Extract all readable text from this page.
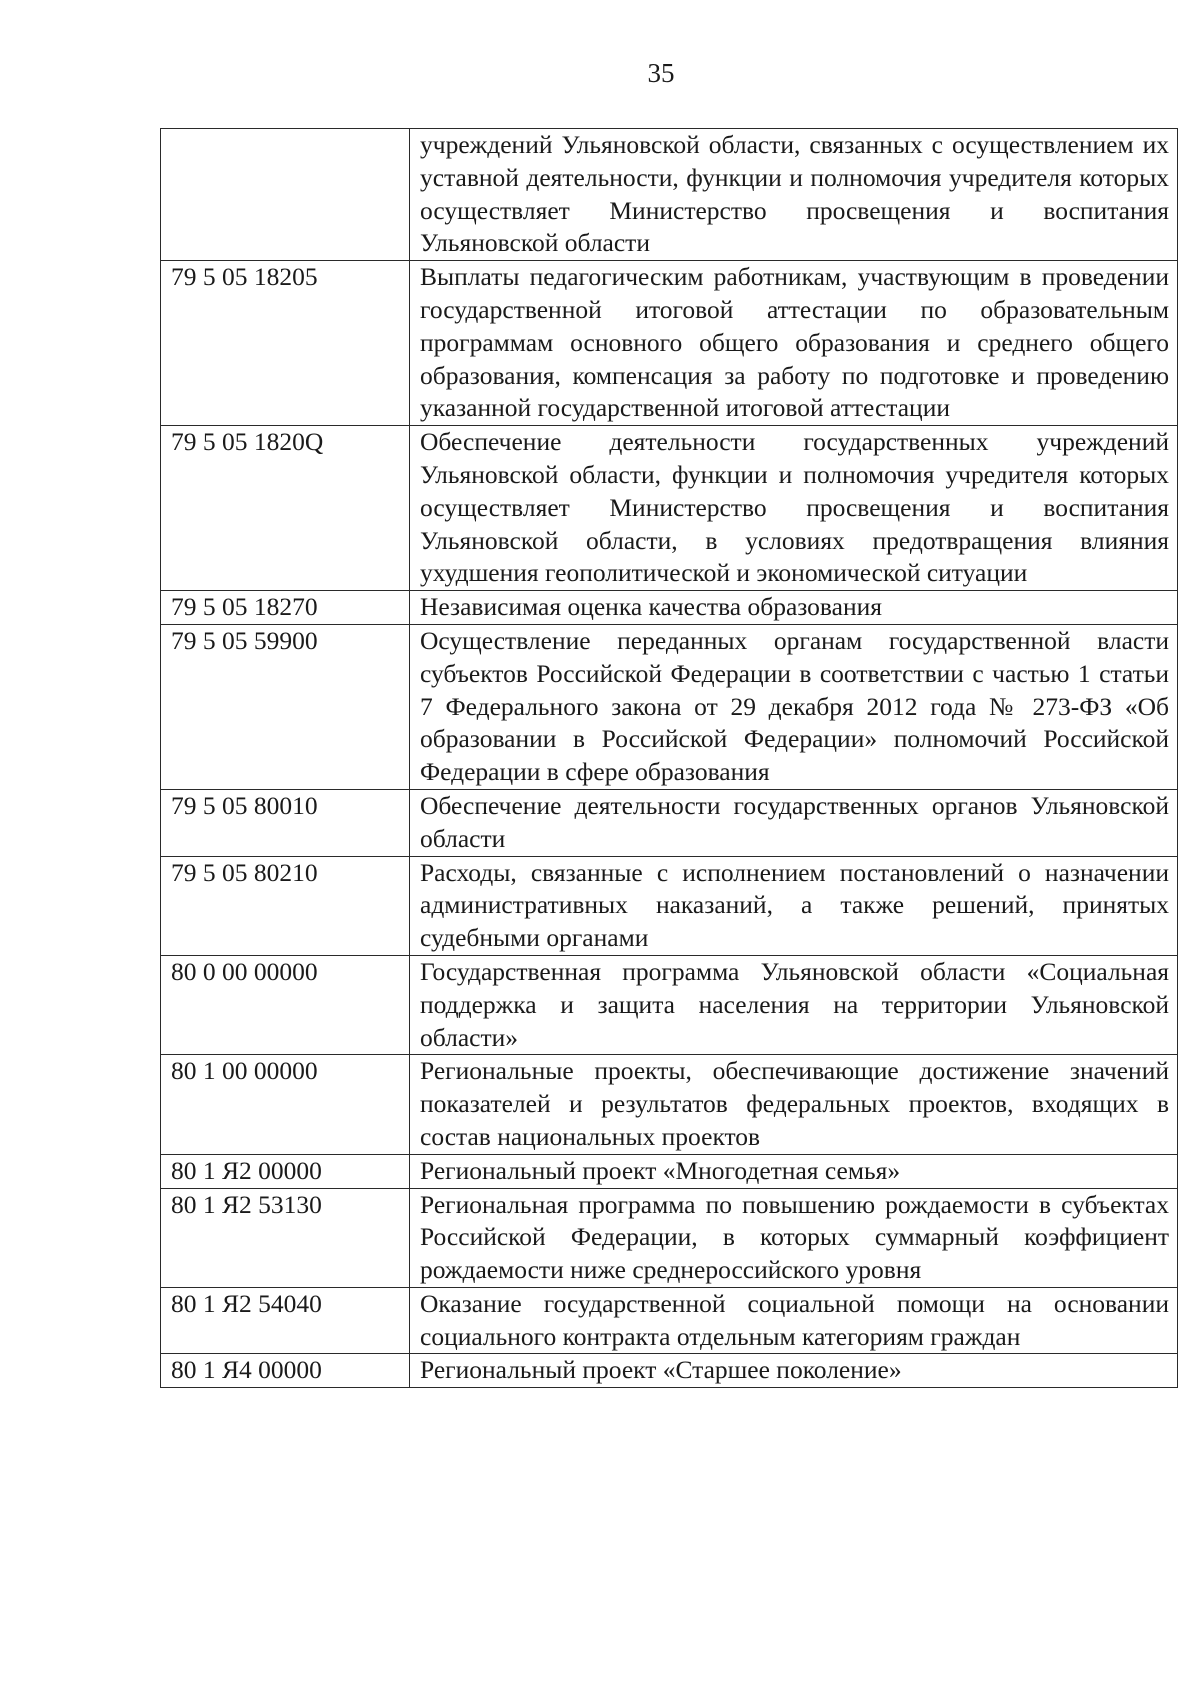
35
	учреждений Ульяновской области, связанных с осуществлением их уставной деятельности, функции и полномочия учредителя которых осуществляет Министерство просвещения и воспитания Ульяновской области
79 5 05 18205	Выплаты педагогическим работникам, участвующим в проведении государственной итоговой аттестации по образовательным программам основного общего образования и среднего общего образования, компенсация за работу по подготовке и проведению указанной государственной итоговой аттестации
79 5 05 1820Q	Обеспечение деятельности государственных учреждений Ульяновской области, функции и полномочия учредителя которых осуществляет Министерство просвещения и воспитания Ульяновской области, в условиях предотвращения влияния ухудшения геополитической и экономической ситуации
79 5 05 18270	Независимая оценка качества образования
79 5 05 59900	Осуществление переданных органам государственной власти субъектов Российской Федерации в соответствии с частью 1 статьи 7 Федерального закона от 29 декабря 2012 года № 273-ФЗ «Об образовании в Российской Федерации» полномочий Российской Федерации в сфере образования
79 5 05 80010	Обеспечение деятельности государственных органов Ульяновской области
79 5 05 80210	Расходы, связанные с исполнением постановлений о назначении административных наказаний, а также решений, принятых судебными органами
80 0 00 00000	Государственная программа Ульяновской области «Социальная поддержка и защита населения на территории Ульяновской области»
80 1 00 00000	Региональные проекты, обеспечивающие достижение значений показателей и результатов федеральных проектов, входящих в состав национальных проектов
80 1 Я2 00000	Региональный проект «Многодетная семья»
80 1 Я2 53130	Региональная программа по повышению рождаемости в субъектах Российской Федерации, в которых суммарный коэффициент рождаемости ниже среднероссийского уровня
80 1 Я2 54040	Оказание государственной социальной помощи на основании социального контракта отдельным категориям граждан
80 1 Я4 00000	Региональный проект «Старшее поколение»
